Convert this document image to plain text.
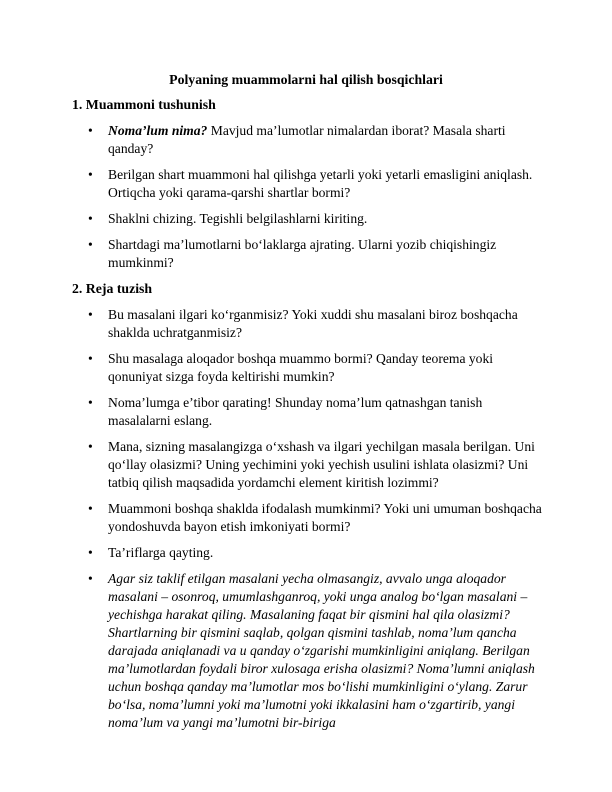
Polyaning muammolarni hal qilish bosqichlari
1. Muammoni tushunish
•	Noma’lum nima? Mavjud ma’lumotlar nimalardan iborat? Masala sharti qanday?
•	Berilgan shart muammoni hal qilishga yetarli yoki yetarli emasligini aniqlash. Ortiqcha yoki qarama-qarshi shartlar bormi?
•	Shaklni chizing. Tegishli belgilashlarni kiriting.
•	Shartdagi ma’lumotlarni bo‘laklarga ajrating. Ularni yozib chiqishingiz mumkinmi?
2. Reja tuzish
•	Bu masalani ilgari ko‘rganmisiz? Yoki xuddi shu masalani biroz boshqacha shaklda uchratganmisiz?
•	Shu masalaga aloqador boshqa muammo bormi? Qanday teorema yoki qonuniyat sizga foyda keltirishi mumkin?
•	Noma’lumga e’tibor qarating! Shunday noma’lum qatnashgan tanish masalalarni eslang.
•	Mana, sizning masalangizga o‘xshash va ilgari yechilgan masala berilgan. Uni qo‘llay olasizmi? Uning yechimini yoki yechish usulini ishlata olasizmi? Uni tatbiq qilish maqsadida yordamchi element kiritish lozimmi?
•	Muammoni boshqa shaklda ifodalash mumkinmi? Yoki uni umuman boshqacha yondoshuvda bayon etish imkoniyati bormi?
•	Ta’riflarga qayting.
•	Agar siz taklif etilgan masalani yecha olmasangiz, avvalo unga aloqador masalani – osonroq, umumlashganroq, yoki unga analog bo‘lgan masalani – yechishga harakat qiling. Masalaning faqat bir qismini hal qila olasizmi? Shartlarning bir qismini saqlab, qolgan qismini tashlab, noma’lum qancha darajada aniqlanadi va u qanday o‘zgarishi mumkinligini aniqlang. Berilgan ma’lumotlardan foydali biror xulosaga erisha olasizmi? Noma’lumni aniqlash uchun boshqa qanday ma’lumotlar mos bo‘lishi mumkinligini o‘ylang. Zarur bo‘lsa, noma’lumni yoki ma’lumotni yoki ikkalasini ham o‘zgartirib, yangi noma’lum va yangi ma’lumotni bir-biriga
